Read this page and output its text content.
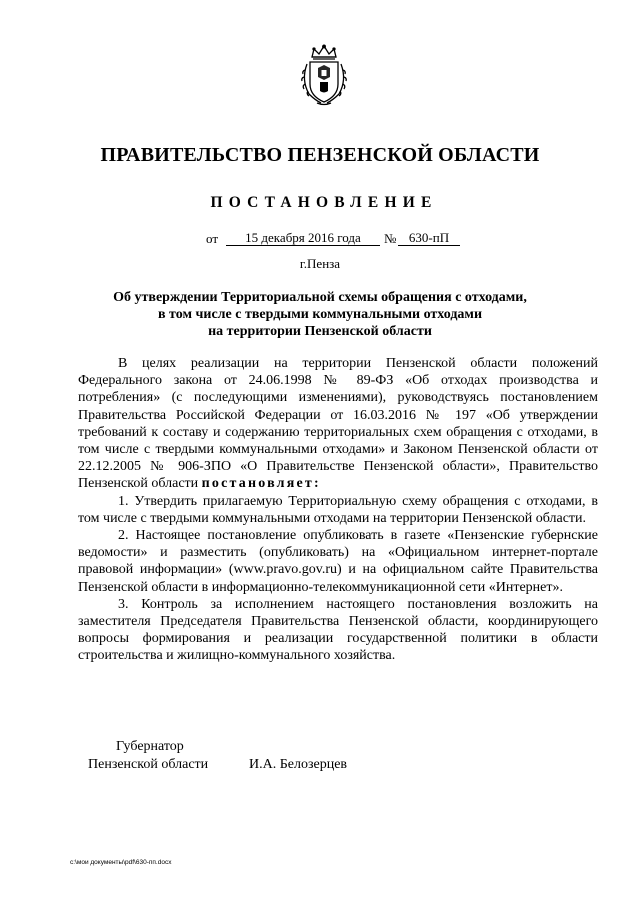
ПРАВИТЕЛЬСТВО ПЕНЗЕНСКОЙ ОБЛАСТИ
ПОСТАНОВЛЕНИЕ
от	15 декабря 2016 года	№ 630-пП
г.Пенза
Об утверждении Территориальной схемы обращения с отходами,
в том числе с твердыми коммунальными отходами
на территории Пензенской области

В целях реализации на территории Пензенской области положений Федерального закона от 24.06.1998 № 89-ФЗ «Об отходах производства и потребления» (с последующими изменениями), руководствуясь постановлением Правительства Российской Федерации от 16.03.2016 № 197 «Об утверждении требований к составу и содержанию территориальных схем обращения с отходами, в том числе с твердыми коммунальными отходами» и Законом Пензенской области от 22.12.2005 № 906-ЗПО «О Правительстве Пензенской области», Правительство Пензенской области постановляет:

1. Утвердить прилагаемую Территориальную схему обращения с отходами, в том числе с твердыми коммунальными отходами на территории Пензенской области.

2. Настоящее постановление опубликовать в газете «Пензенские губернские ведомости» и разместить (опубликовать) на «Официальном интернет-портале правовой информации» (www.pravo.gov.ru) и на официальном сайте Правительства Пензенской области в информационно-телекоммуникационной сети «Интернет».

3. Контроль за исполнением настоящего постановления возложить на заместителя Председателя Правительства Пензенской области, координирующего вопросы формирования и реализации государственной политики в области строительства и жилищно-коммунального хозяйства.

Губернатор
Пензенской области	И.А. Белозерцев
c:\мои документы\pdf\630-пп.docx
